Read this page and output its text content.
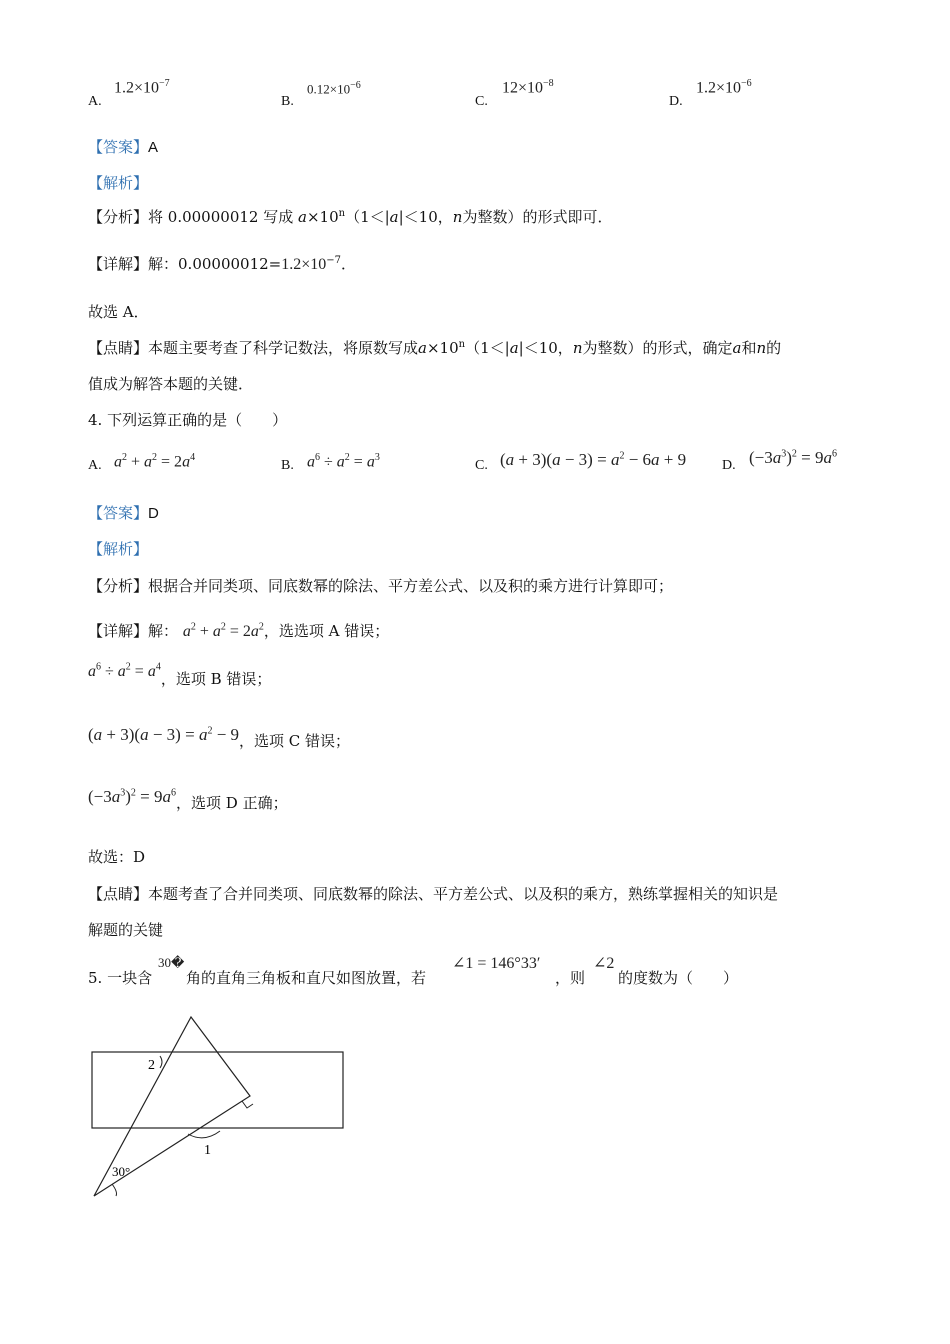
A.
$1.2\times 10^{-7}$
B.
$0.12\times 10^{-6}$
C.
$12\times 10^{-8}$
D.
$1.2\times 10^{-6}$
【答案】A
【解析】
【分析】将 0.00000012 写成 $a\times 10^n(1<|a|<10$，n为整数）的形式即可．
【详解】解：$0.00000012=1.2\times 10^{-7}$．
故选 A．
【点睛】本题主要考查了科学记数法，将原数写成$a\times 10^n(1<|a|<10$，n为整数）的形式，确定a和n的
值成为解答本题的关键．
4. 下列运算正确的是（　　）
A. $a^2 + a^2 = 2a^4$
B. $a^6 \div a^2 = a^3$
C. $(a + 3)(a - 3) = a^2 - 6a + 9$	D. $(-3a^3)^2 = 9a^6$
【答案】D
【解析】
【分析】根据合并同类项、同底数幂的除法、平方差公式、以及积的乘方进行计算即可；
【详解】解： $a^2 + a^2 = 2a^2$，选选项 A 错误；
$a^6 \div a^2 = a^4$，选项 B 错误；
$(a + 3)(a - 3) = a^2 - 9$，选项 C 错误；
$(-3a^3)^2 = 9a^6$，选项 D 正确；
故选：D
【点睛】本题考查了合并同类项、同底数幂的除法、平方差公式、以及积的乘方，熟练掌握相关的知识是
解题的关键
5. 一块含
30�
角的直角三角板和直尺如图放置，若
∠1 = 146°33′
，则
∠2
的度数为（　　）
2
1
30°
